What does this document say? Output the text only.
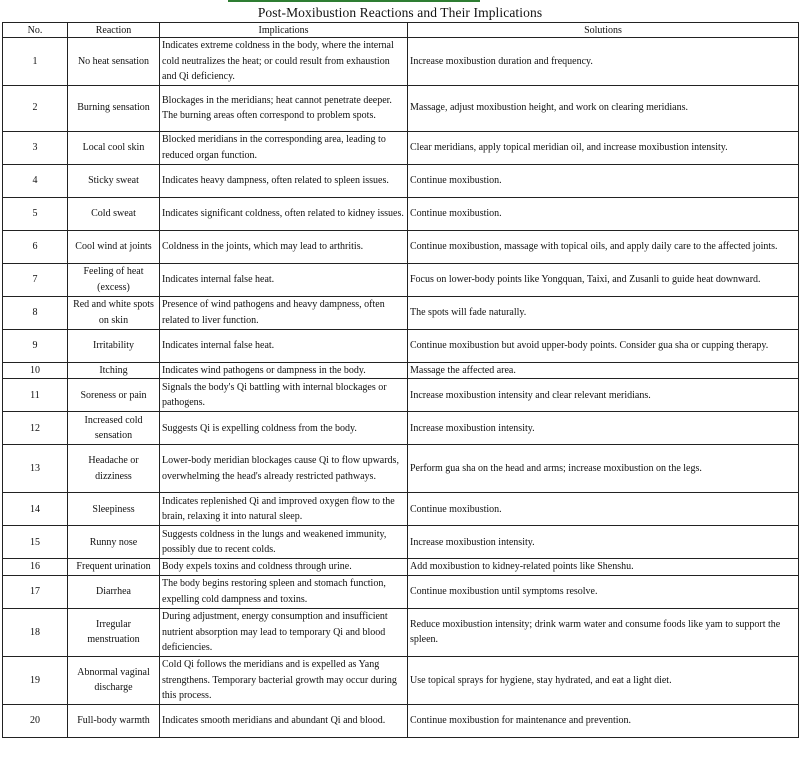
Post-Moxibustion Reactions and Their Implications
No.	Reaction	Implications	Solutions
1	No heat sensation	Indicates extreme coldness in the body, where the internal cold neutralizes the heat; or could result from exhaustion and Qi deficiency.	Increase moxibustion duration and frequency.
2	Burning sensation	Blockages in the meridians; heat cannot penetrate deeper. The burning areas often correspond to problem spots.	Massage, adjust moxibustion height, and work on clearing meridians.
3	Local cool skin	Blocked meridians in the corresponding area, leading to reduced organ function.	Clear meridians, apply topical meridian oil, and increase moxibustion intensity.
4	Sticky sweat	Indicates heavy dampness, often related to spleen issues.	Continue moxibustion.
5	Cold sweat	Indicates significant coldness, often related to kidney issues.	Continue moxibustion.
6	Cool wind at joints	Coldness in the joints, which may lead to arthritis.	Continue moxibustion, massage with topical oils, and apply daily care to the affected joints.
7	Feeling of heat (excess)	Indicates internal false heat.	Focus on lower-body points like Yongquan, Taixi, and Zusanli to guide heat downward.
8	Red and white spots on skin	Presence of wind pathogens and heavy dampness, often related to liver function.	The spots will fade naturally.
9	Irritability	Indicates internal false heat.	Continue moxibustion but avoid upper-body points. Consider gua sha or cupping therapy.
10	Itching	Indicates wind pathogens or dampness in the body.	Massage the affected area.
11	Soreness or pain	Signals the body's Qi battling with internal blockages or pathogens.	Increase moxibustion intensity and clear relevant meridians.
12	Increased cold sensation	Suggests Qi is expelling coldness from the body.	Increase moxibustion intensity.
13	Headache or dizziness	Lower-body meridian blockages cause Qi to flow upwards, overwhelming the head's already restricted pathways.	Perform gua sha on the head and arms; increase moxibustion on the legs.
14	Sleepiness	Indicates replenished Qi and improved oxygen flow to the brain, relaxing it into natural sleep.	Continue moxibustion.
15	Runny nose	Suggests coldness in the lungs and weakened immunity, possibly due to recent colds.	Increase moxibustion intensity.
16	Frequent urination	Body expels toxins and coldness through urine.	Add moxibustion to kidney-related points like Shenshu.
17	Diarrhea	The body begins restoring spleen and stomach function, expelling cold dampness and toxins.	Continue moxibustion until symptoms resolve.
18	Irregular menstruation	During adjustment, energy consumption and insufficient nutrient absorption may lead to temporary Qi and blood deficiencies.	Reduce moxibustion intensity; drink warm water and consume foods like yam to support the spleen.
19	Abnormal vaginal discharge	Cold Qi follows the meridians and is expelled as Yang strengthens. Temporary bacterial growth may occur during this process.	Use topical sprays for hygiene, stay hydrated, and eat a light diet.
20	Full-body warmth	Indicates smooth meridians and abundant Qi and blood.	Continue moxibustion for maintenance and prevention.
